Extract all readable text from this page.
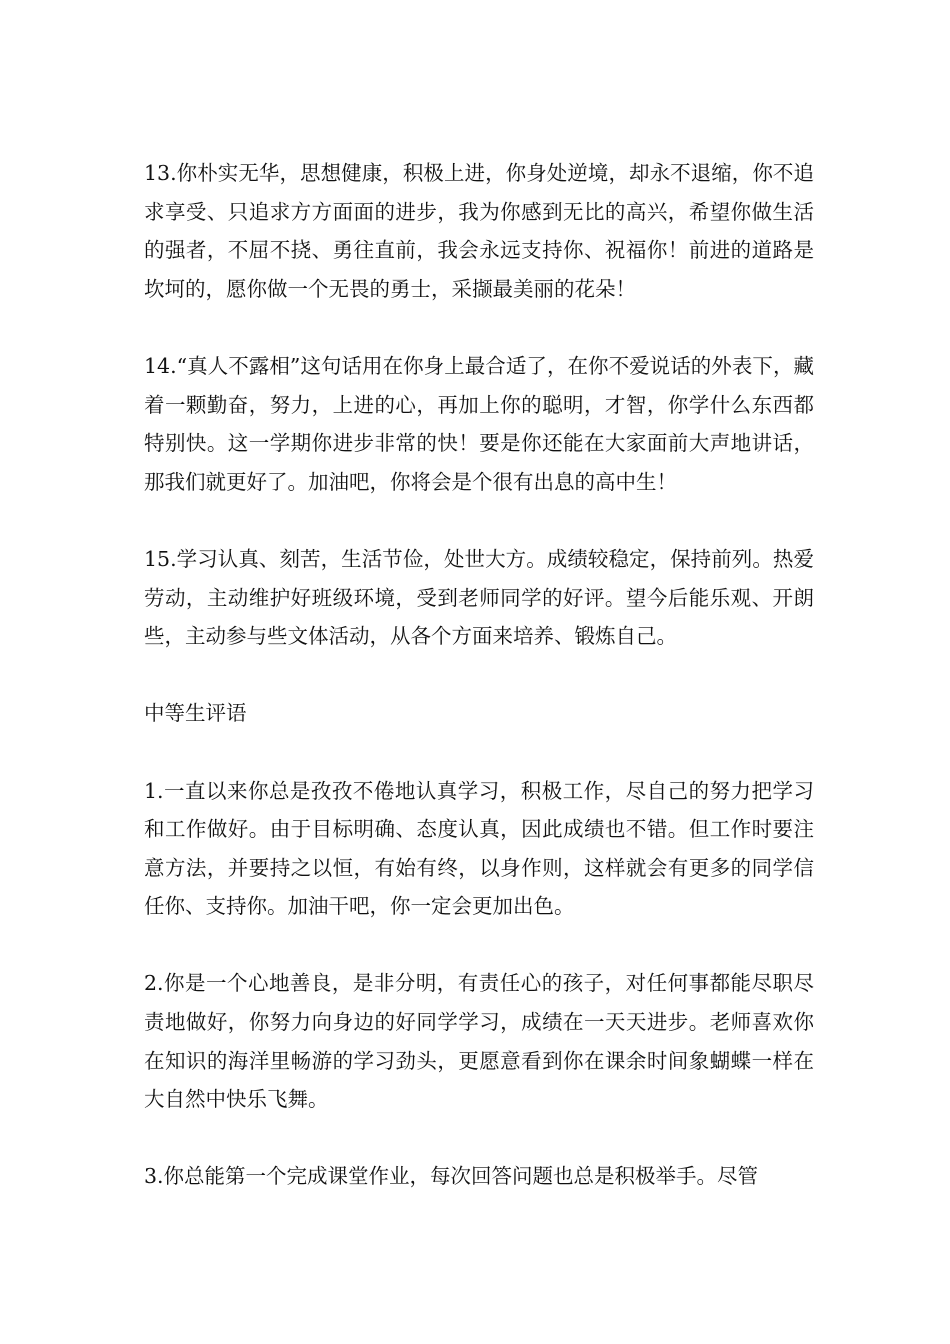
13.你朴实无华，思想健康，积极上进，你身处逆境，却永不退缩，你不追求享受、只追求方方面面的进步，我为你感到无比的高兴，希望你做生活的强者，不屈不挠、勇往直前，我会永远支持你、祝福你！前进的道路是坎坷的，愿你做一个无畏的勇士，采撷最美丽的花朵！

14.“真人不露相”这句话用在你身上最合适了，在你不爱说话的外表下，藏着一颗勤奋，努力，上进的心，再加上你的聪明，才智，你学什么东西都特别快。这一学期你进步非常的快！要是你还能在大家面前大声地讲话，那我们就更好了。加油吧，你将会是个很有出息的高中生！

15.学习认真、刻苦，生活节俭，处世大方。成绩较稳定，保持前列。热爱劳动，主动维护好班级环境，受到老师同学的好评。望今后能乐观、开朗些，主动参与些文体活动，从各个方面来培养、锻炼自己。

中等生评语

1.一直以来你总是孜孜不倦地认真学习，积极工作，尽自己的努力把学习和工作做好。由于目标明确、态度认真，因此成绩也不错。但工作时要注意方法，并要持之以恒，有始有终，以身作则，这样就会有更多的同学信任你、支持你。加油干吧，你一定会更加出色。

2.你是一个心地善良，是非分明，有责任心的孩子，对任何事都能尽职尽责地做好，你努力向身边的好同学学习，成绩在一天天进步。老师喜欢你在知识的海洋里畅游的学习劲头，更愿意看到你在课余时间象蝴蝶一样在大自然中快乐飞舞。

3.你总能第一个完成课堂作业，每次回答问题也总是积极举手。尽管
